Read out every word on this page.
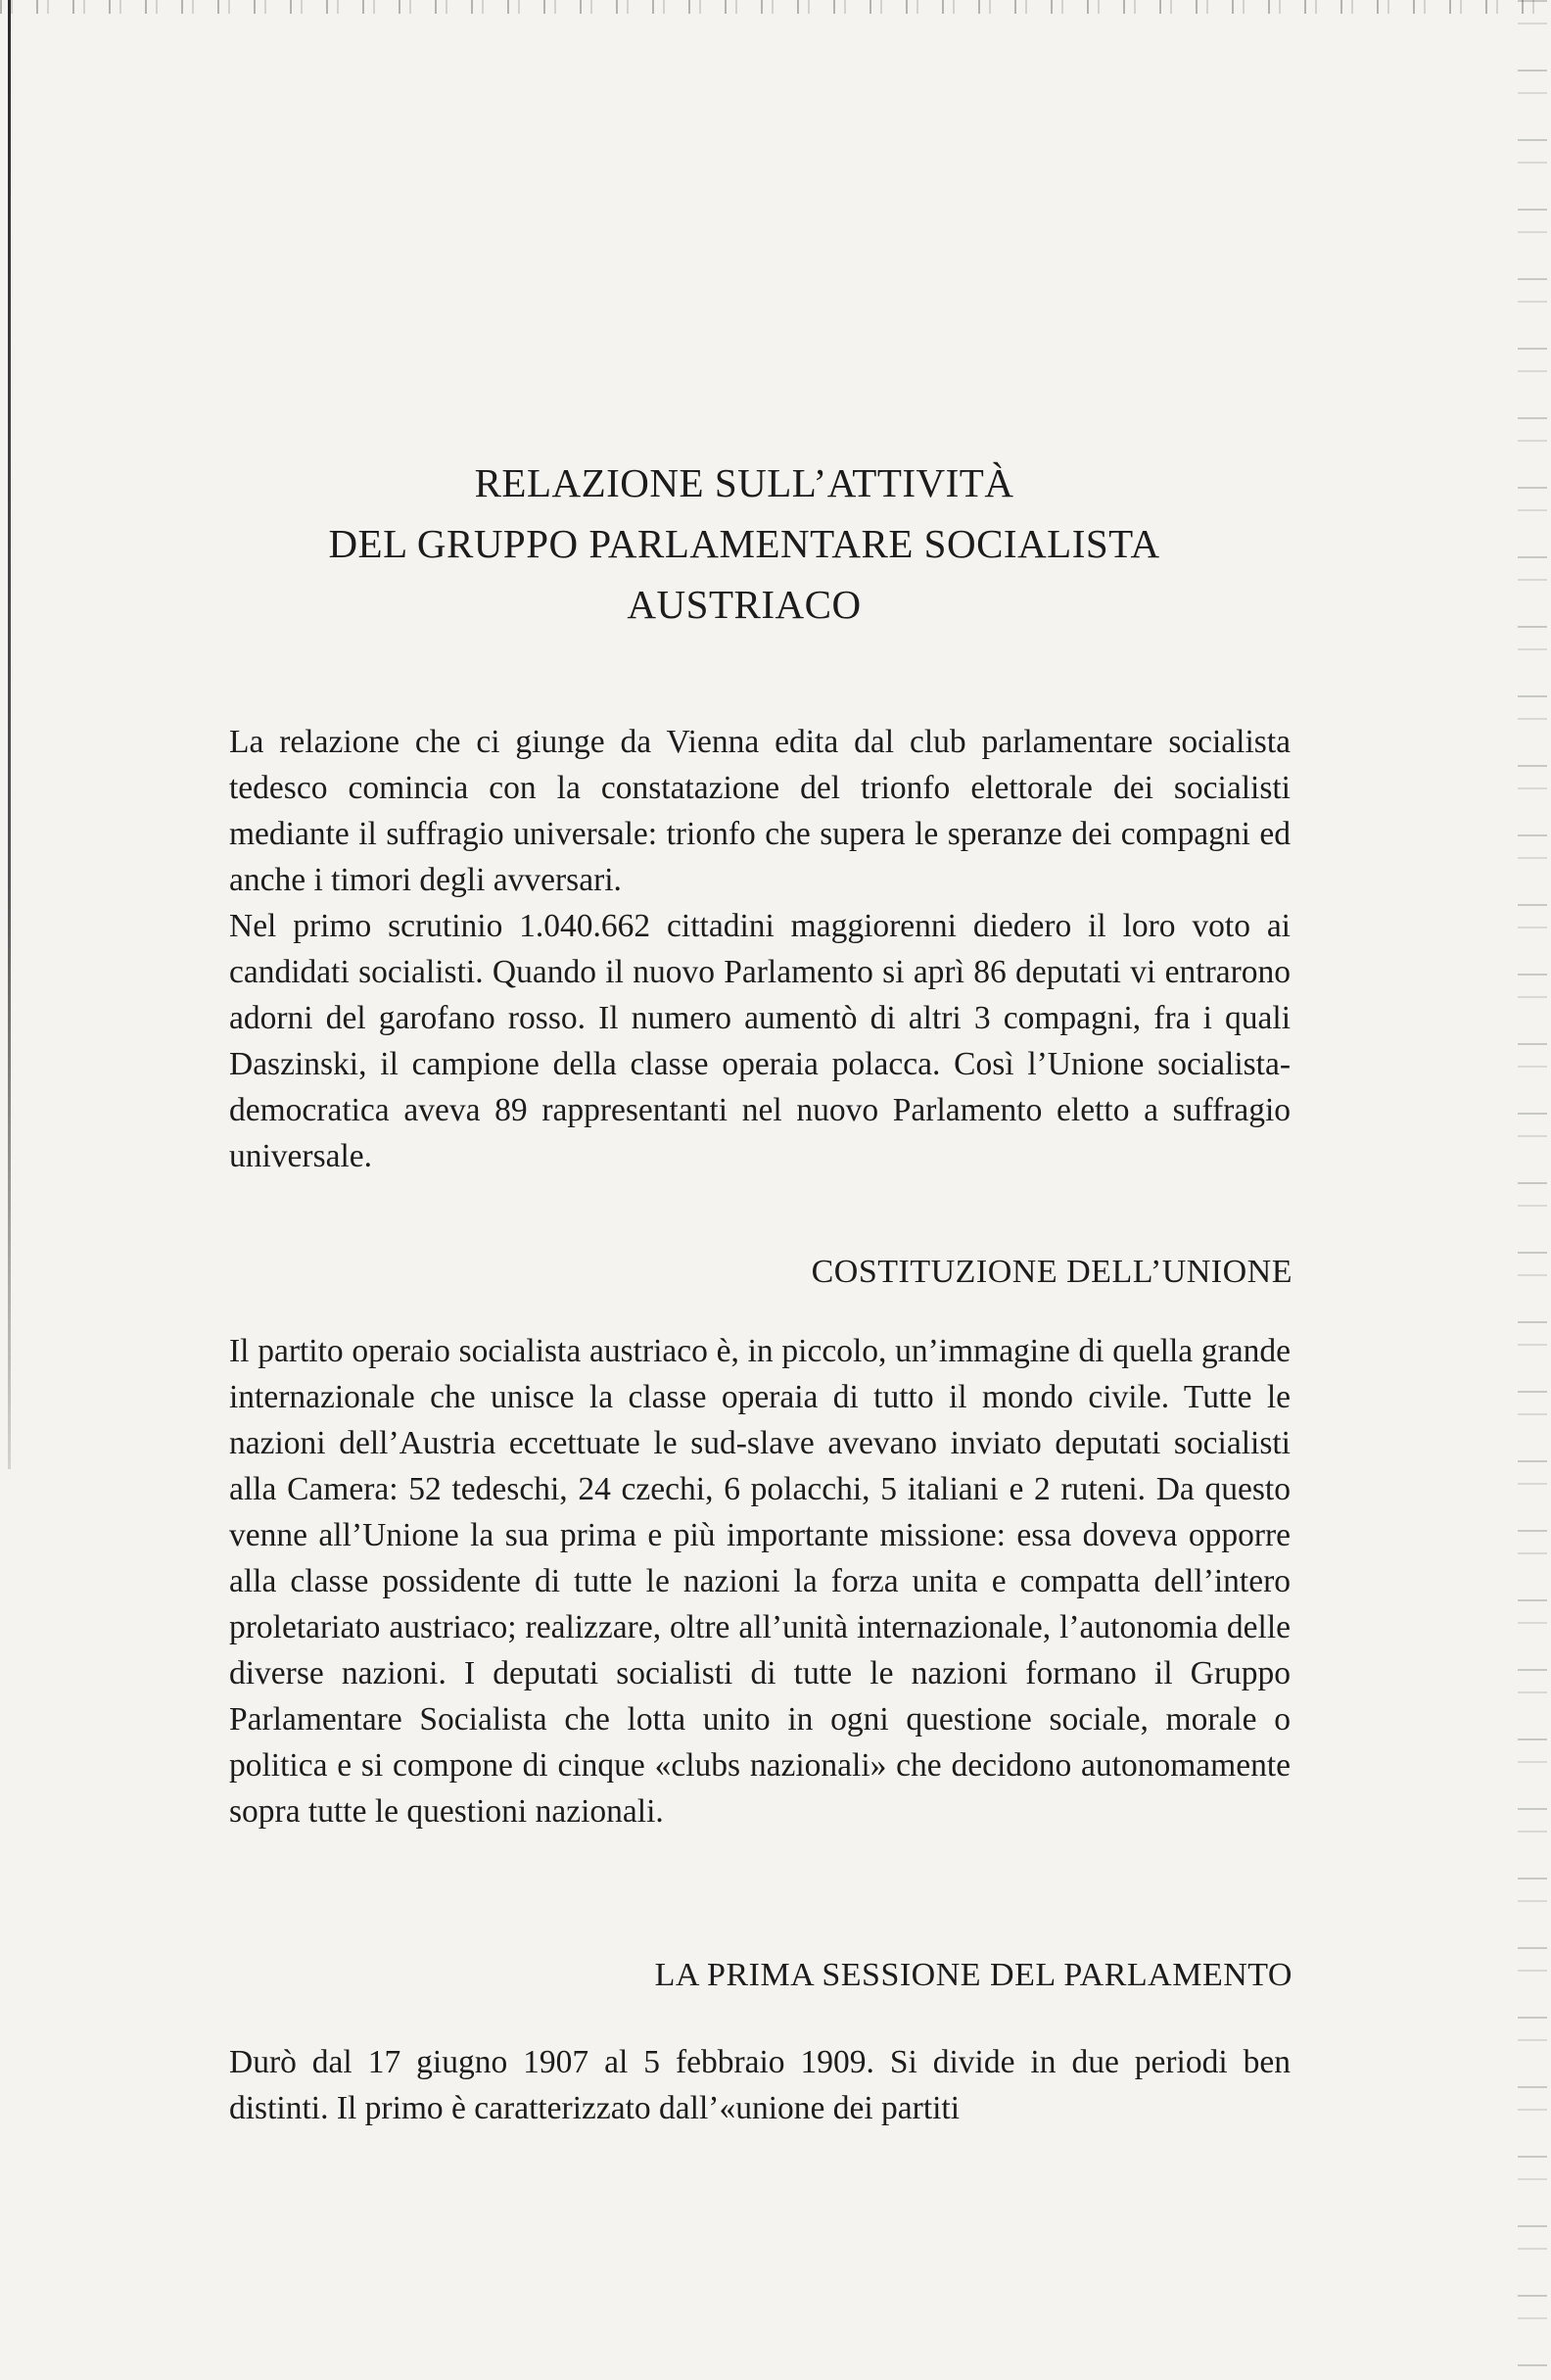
RELAZIONE SULL’ATTIVITÀ
DEL GRUPPO PARLAMENTARE SOCIALISTA
AUSTRIACO

La relazione che ci giunge da Vienna edita dal club parlamentare socialista tedesco comincia con la constatazione del trionfo elettorale dei socialisti mediante il suffragio universale: trionfo che supera le speranze dei compagni ed anche i timori degli avversari.

Nel primo scrutinio 1.040.662 cittadini maggiorenni diedero il loro voto ai candidati socialisti. Quando il nuovo Parlamento si aprì 86 deputati vi entrarono adorni del garofano rosso. Il numero aumentò di altri 3 compagni, fra i quali Daszinski, il campione della classe operaia polacca. Così l’Unione socialista-democratica aveva 89 rappresentanti nel nuovo Parlamento eletto a suffragio universale.

COSTITUZIONE DELL’UNIONE

Il partito operaio socialista austriaco è, in piccolo, un’immagine di quella grande internazionale che unisce la classe operaia di tutto il mondo civile. Tutte le nazioni dell’Austria eccettuate le sud-slave avevano inviato deputati socialisti alla Camera: 52 tedeschi, 24 czechi, 6 polacchi, 5 italiani e 2 ruteni. Da questo venne all’Unione la sua prima e più importante missione: essa doveva opporre alla classe possidente di tutte le nazioni la forza unita e compatta dell’intero proletariato austriaco; realizzare, oltre all’unità internazionale, l’autonomia delle diverse nazioni. I deputati socialisti di tutte le nazioni formano il Gruppo Parlamentare Socialista che lotta unito in ogni questione sociale, morale o politica e si compone di cinque «clubs nazionali» che decidono autonomamente sopra tutte le questioni nazionali.

LA PRIMA SESSIONE DEL PARLAMENTO

Durò dal 17 giugno 1907 al 5 febbraio 1909. Si divide in due periodi ben distinti. Il primo è caratterizzato dall’«unione dei partiti
